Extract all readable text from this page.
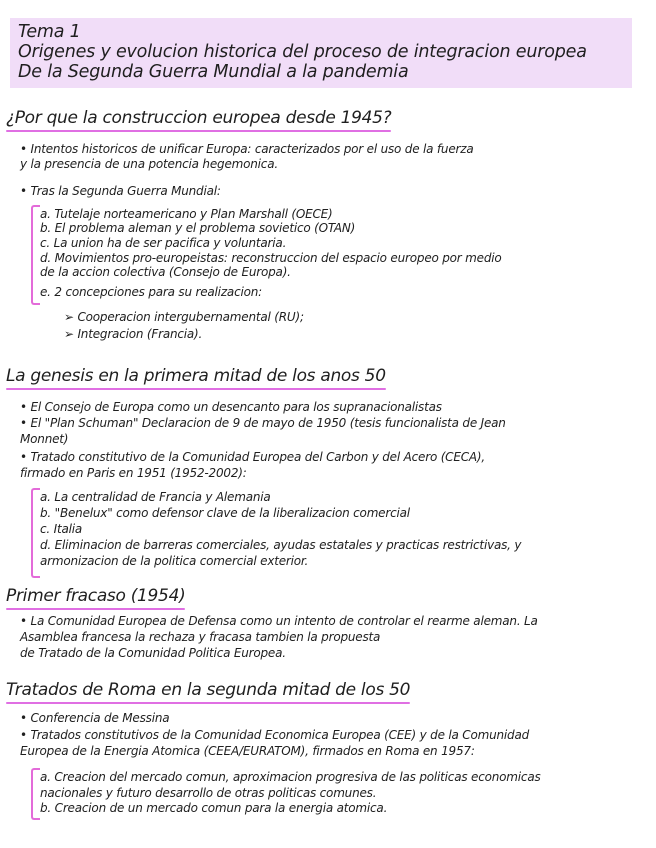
Tema 1
Origenes y evolucion historica del proceso de integracion europea
De la Segunda Guerra Mundial a la pandemia
¿Por que la construccion europea desde 1945?
• Intentos historicos de unificar Europa: caracterizados por el uso de la fuerza
y la presencia de una potencia hegemonica.
• Tras la Segunda Guerra Mundial:
a. Tutelaje norteamericano y Plan Marshall (OECE)
b. El problema aleman y el problema sovietico (OTAN)
c. La union ha de ser pacifica y voluntaria.
d. Movimientos pro-europeistas: reconstruccion del espacio europeo por medio
de la accion colectiva (Consejo de Europa).
e. 2 concepciones para su realizacion:
➢ Cooperacion intergubernamental (RU);
➢ Integracion (Francia).
La genesis en la primera mitad de los anos 50
• El Consejo de Europa como un desencanto para los supranacionalistas
• El "Plan Schuman" Declaracion de 9 de mayo de 1950 (tesis funcionalista de Jean
Monnet)
• Tratado constitutivo de la Comunidad Europea del Carbon y del Acero (CECA),
firmado en Paris en 1951 (1952-2002):
a. La centralidad de Francia y Alemania
b. "Benelux" como defensor clave de la liberalizacion comercial
c. Italia
d. Eliminacion de barreras comerciales, ayudas estatales y practicas restrictivas, y
armonizacion de la politica comercial exterior.
Primer fracaso (1954)
• La Comunidad Europea de Defensa como un intento de controlar el rearme aleman. La
Asamblea francesa la rechaza y fracasa tambien la propuesta
de Tratado de la Comunidad Politica Europea.
Tratados de Roma en la segunda mitad de los 50
• Conferencia de Messina
• Tratados constitutivos de la Comunidad Economica Europea (CEE) y de la Comunidad
Europea de la Energia Atomica (CEEA/EURATOM), firmados en Roma en 1957:
a. Creacion del mercado comun, aproximacion progresiva de las politicas economicas
nacionales y futuro desarrollo de otras politicas comunes.
b. Creacion de un mercado comun para la energia atomica.
